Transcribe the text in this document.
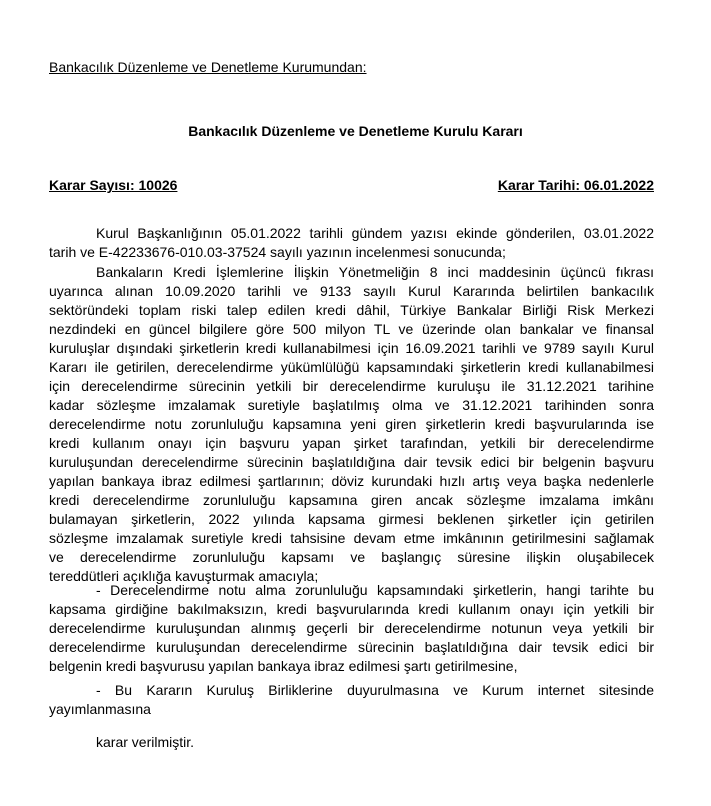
Bankacılık Düzenleme ve Denetleme Kurumundan:
Bankacılık Düzenleme ve Denetleme Kurulu Kararı
Karar Sayısı: 10026	Karar Tarihi: 06.01.2022
Kurul Başkanlığının 05.01.2022 tarihli gündem yazısı ekinde gönderilen, 03.01.2022
tarih ve E-42233676-010.03-37524 sayılı yazının incelenmesi sonucunda;
Bankaların Kredi İşlemlerine İlişkin Yönetmeliğin 8 inci maddesinin üçüncü fıkrası
uyarınca alınan 10.09.2020 tarihli ve 9133 sayılı Kurul Kararında belirtilen bankacılık
sektöründeki toplam riski talep edilen kredi dâhil, Türkiye Bankalar Birliği Risk Merkezi
nezdindeki en güncel bilgilere göre 500 milyon TL ve üzerinde olan bankalar ve finansal
kuruluşlar dışındaki şirketlerin kredi kullanabilmesi için 16.09.2021 tarihli ve 9789 sayılı Kurul
Kararı ile getirilen, derecelendirme yükümlülüğü kapsamındaki şirketlerin kredi kullanabilmesi
için derecelendirme sürecinin yetkili bir derecelendirme kuruluşu ile 31.12.2021 tarihine
kadar sözleşme imzalamak suretiyle başlatılmış olma ve 31.12.2021 tarihinden sonra
derecelendirme notu zorunluluğu kapsamına yeni giren şirketlerin kredi başvurularında ise
kredi kullanım onayı için başvuru yapan şirket tarafından, yetkili bir derecelendirme
kuruluşundan derecelendirme sürecinin başlatıldığına dair tevsik edici bir belgenin başvuru
yapılan bankaya ibraz edilmesi şartlarının; döviz kurundaki hızlı artış veya başka nedenlerle
kredi derecelendirme zorunluluğu kapsamına giren ancak sözleşme imzalama imkânı
bulamayan şirketlerin, 2022 yılında kapsama girmesi beklenen şirketler için getirilen
sözleşme imzalamak suretiyle kredi tahsisine devam etme imkânının getirilmesini sağlamak
ve derecelendirme zorunluluğu kapsamı ve başlangıç süresine ilişkin oluşabilecek
tereddütleri açıklığa kavuşturmak amacıyla;
- Derecelendirme notu alma zorunluluğu kapsamındaki şirketlerin, hangi tarihte bu
kapsama girdiğine bakılmaksızın, kredi başvurularında kredi kullanım onayı için yetkili bir
derecelendirme kuruluşundan alınmış geçerli bir derecelendirme notunun veya yetkili bir
derecelendirme kuruluşundan derecelendirme sürecinin başlatıldığına dair tevsik edici bir
belgenin kredi başvurusu yapılan bankaya ibraz edilmesi şartı getirilmesine,
- Bu Kararın Kuruluş Birliklerine duyurulmasına ve Kurum internet sitesinde
yayımlanmasına
karar verilmiştir.
